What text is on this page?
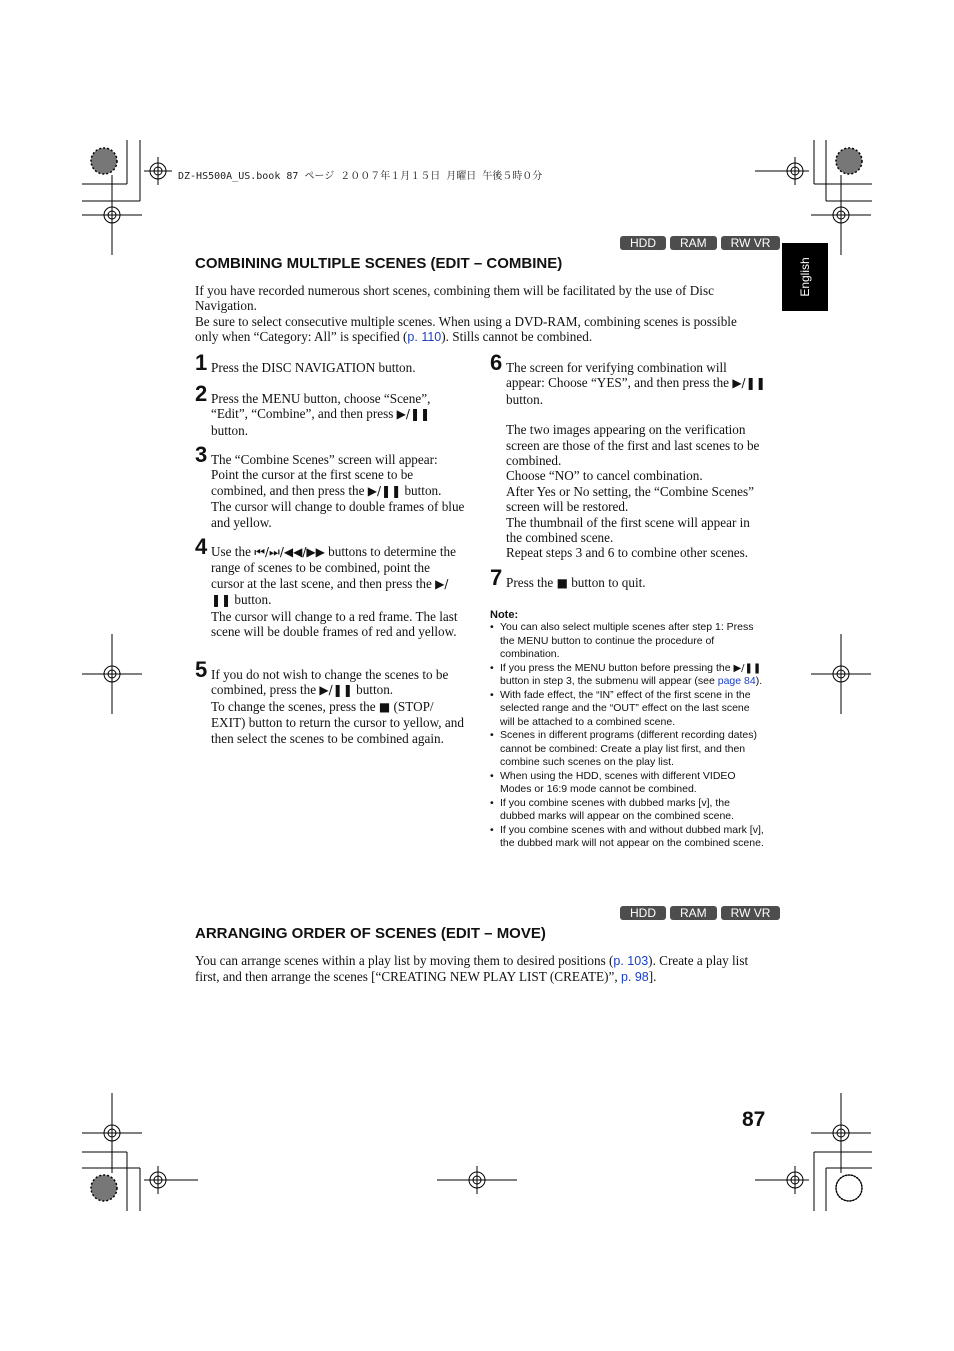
DZ-HS500A_US.book 87 ページ ２００７年１月１５日 月曜日 午後５時０分
English
HDD	RAM	RW VR
COMBINING MULTIPLE SCENES (EDIT – COMBINE)

If you have recorded numerous short scenes, combining them will be facilitated by the use of Disc Navigation.

Be sure to select consecutive multiple scenes. When using a DVD-RAM, combining scenes is possible only when “Category: All” is specified (p. 110). Stills cannot be combined.

1 Press the DISC NAVIGATION button.

2 Press the MENU button, choose “Scene”, “Edit”, “Combine”, and then press ▶/❚❚ button.

3 The “Combine Scenes” screen will appear:

Point the cursor at the first scene to be combined, and then press the ▶/❚❚ button.

The cursor will change to double frames of blue and yellow.

4 Use the ⏮/⏭/◀◀/▶▶ buttons to determine the range of scenes to be combined, point the cursor at the last scene, and then press the ▶/❚❚ button.

The cursor will change to a red frame. The last scene will be double frames of red and yellow.

5 If you do not wish to change the scenes to be combined, press the ▶/❚❚ button.

To change the scenes, press the ■ (STOP/ EXIT) button to return the cursor to yellow, and then select the scenes to be combined again.

6 The screen for verifying combination will appear: Choose “YES”, and then press the ▶/❚❚ button.

The two images appearing on the verification screen are those of the first and last scenes to be combined.

Choose “NO” to cancel combination.

After Yes or No setting, the “Combine Scenes” screen will be restored.

The thumbnail of the first scene will appear in the combined scene.

Repeat steps 3 and 6 to combine other scenes.

7 Press the ■ button to quit.

Note:
• You can also select multiple scenes after step 1: Press the MENU button to continue the procedure of combination.
• If you press the MENU button before pressing the ▶/❚❚ button in step 3, the submenu will appear (see page 84).
• With fade effect, the “IN” effect of the first scene in the selected range and the “OUT” effect on the last scene will be attached to a combined scene.
• Scenes in different programs (different recording dates) cannot be combined: Create a play list first, and then combine such scenes on the play list.
• When using the HDD, scenes with different VIDEO Modes or 16:9 mode cannot be combined.
• If you combine scenes with dubbed marks [v], the dubbed marks will appear on the combined scene.
• If you combine scenes with and without dubbed mark [v], the dubbed mark will not appear on the combined scene.
HDD	RAM	RW VR
ARRANGING ORDER OF SCENES (EDIT – MOVE)

You can arrange scenes within a play list by moving them to desired positions (p. 103). Create a play list first, and then arrange the scenes [“CREATING NEW PLAY LIST (CREATE)”, p. 98].

87
